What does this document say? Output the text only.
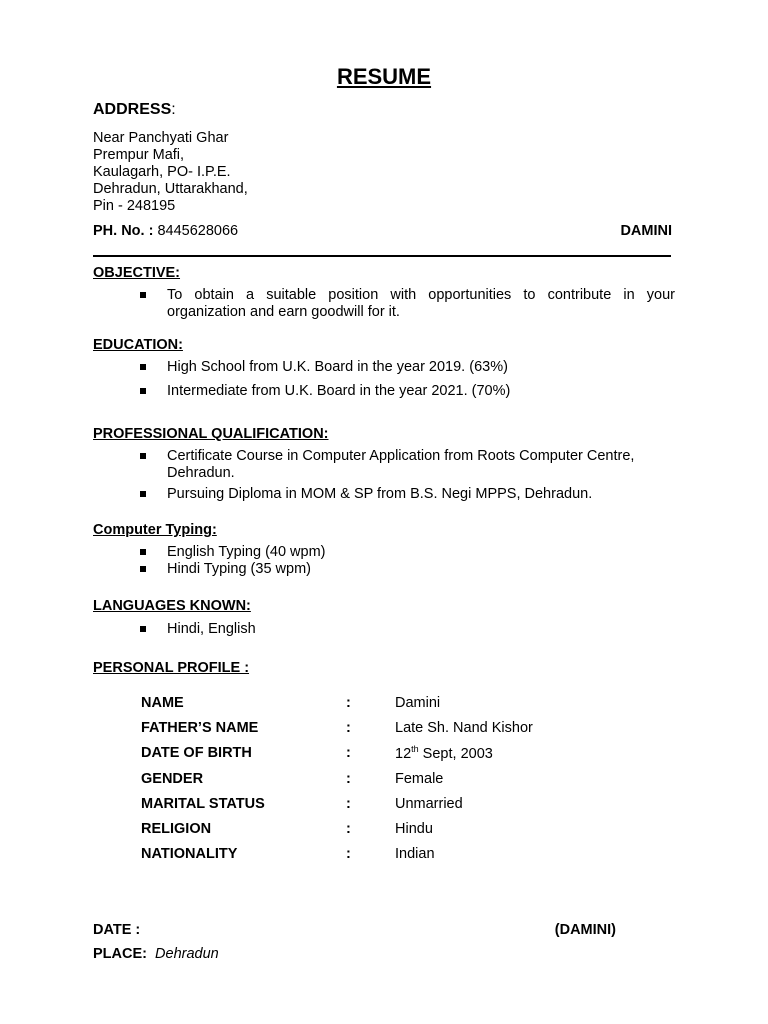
RESUME
ADDRESS:
Near Panchyati Ghar
Prempur Mafi,
Kaulagarh, PO- I.P.E.
Dehradun, Uttarakhand,
Pin - 248195
PH. No. : 8445628066	DAMINI
OBJECTIVE:
To obtain a suitable position with opportunities to contribute in your organization and earn goodwill for it.
EDUCATION:
High School from U.K. Board in the year 2019. (63%)
Intermediate from U.K. Board in the year 2021. (70%)
PROFESSIONAL QUALIFICATION:
Certificate Course in Computer Application from Roots Computer Centre, Dehradun.
Pursuing Diploma in MOM & SP from B.S. Negi MPPS, Dehradun.
Computer Typing:
English Typing (40 wpm)
Hindi Typing (35 wpm)
LANGUAGES KNOWN:
Hindi, English
PERSONAL PROFILE :
NAME	:	Damini
FATHER’S NAME	:	Late Sh. Nand Kishor
DATE OF BIRTH	:	12th Sept, 2003
GENDER	:	Female
MARITAL STATUS	:	Unmarried
RELIGION	:	Hindu
NATIONALITY	:	Indian
DATE :	(DAMINI)
PLACE: Dehradun
